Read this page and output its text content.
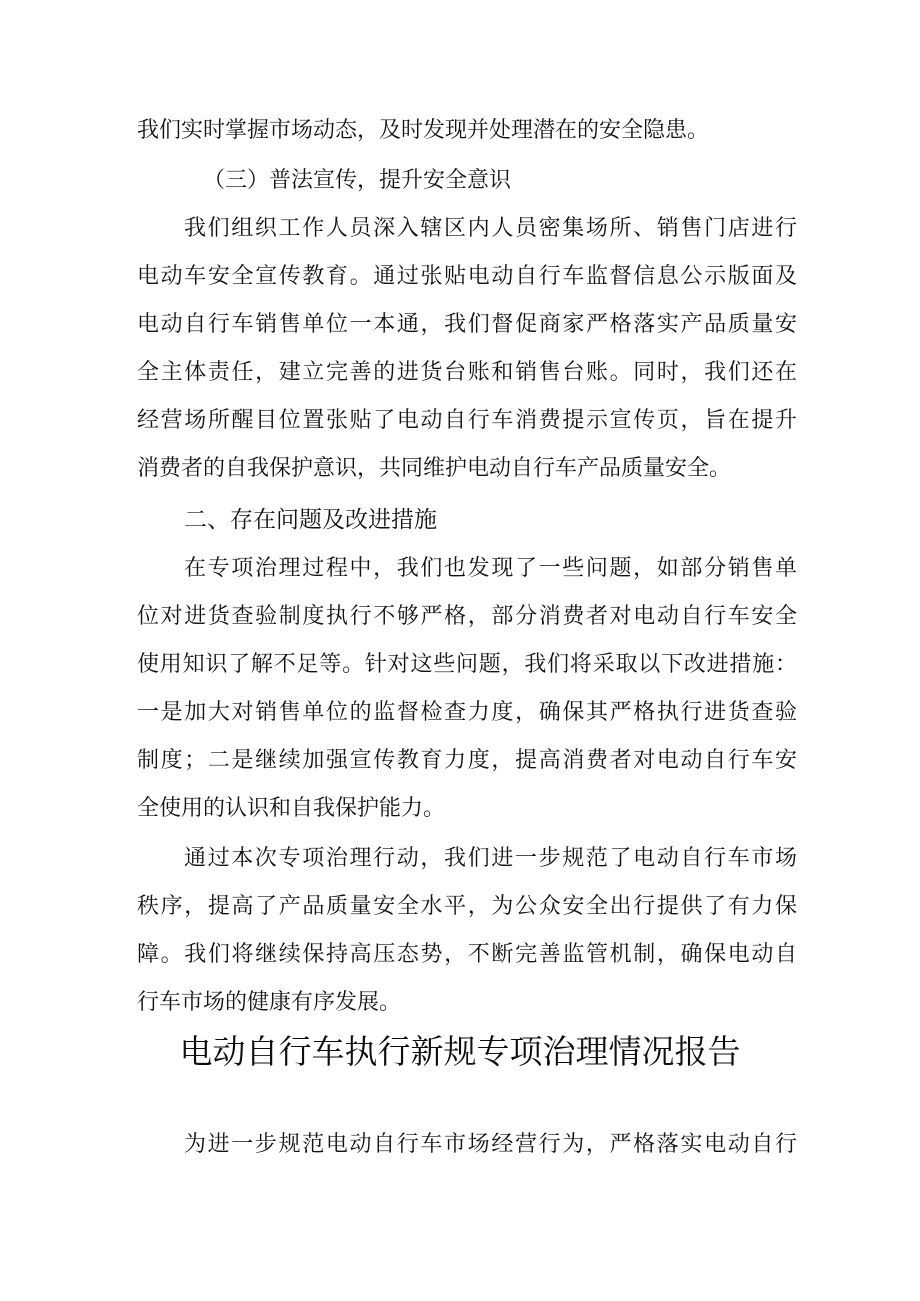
我们实时掌握市场动态，及时发现并处理潜在的安全隐患。
（三）普法宣传，提升安全意识
我们组织工作人员深入辖区内人员密集场所、销售门店进行
电动车安全宣传教育。通过张贴电动自行车监督信息公示版面及
电动自行车销售单位一本通，我们督促商家严格落实产品质量安
全主体责任，建立完善的进货台账和销售台账。同时，我们还在
经营场所醒目位置张贴了电动自行车消费提示宣传页，旨在提升
消费者的自我保护意识，共同维护电动自行车产品质量安全。
二、存在问题及改进措施
在专项治理过程中，我们也发现了一些问题，如部分销售单
位对进货查验制度执行不够严格，部分消费者对电动自行车安全
使用知识了解不足等。针对这些问题，我们将采取以下改进措施：
一是加大对销售单位的监督检查力度，确保其严格执行进货查验
制度；二是继续加强宣传教育力度，提高消费者对电动自行车安
全使用的认识和自我保护能力。
通过本次专项治理行动，我们进一步规范了电动自行车市场
秩序，提高了产品质量安全水平，为公众安全出行提供了有力保
障。我们将继续保持高压态势，不断完善监管机制，确保电动自
行车市场的健康有序发展。
电动自行车执行新规专项治理情况报告
为进一步规范电动自行车市场经营行为，严格落实电动自行
